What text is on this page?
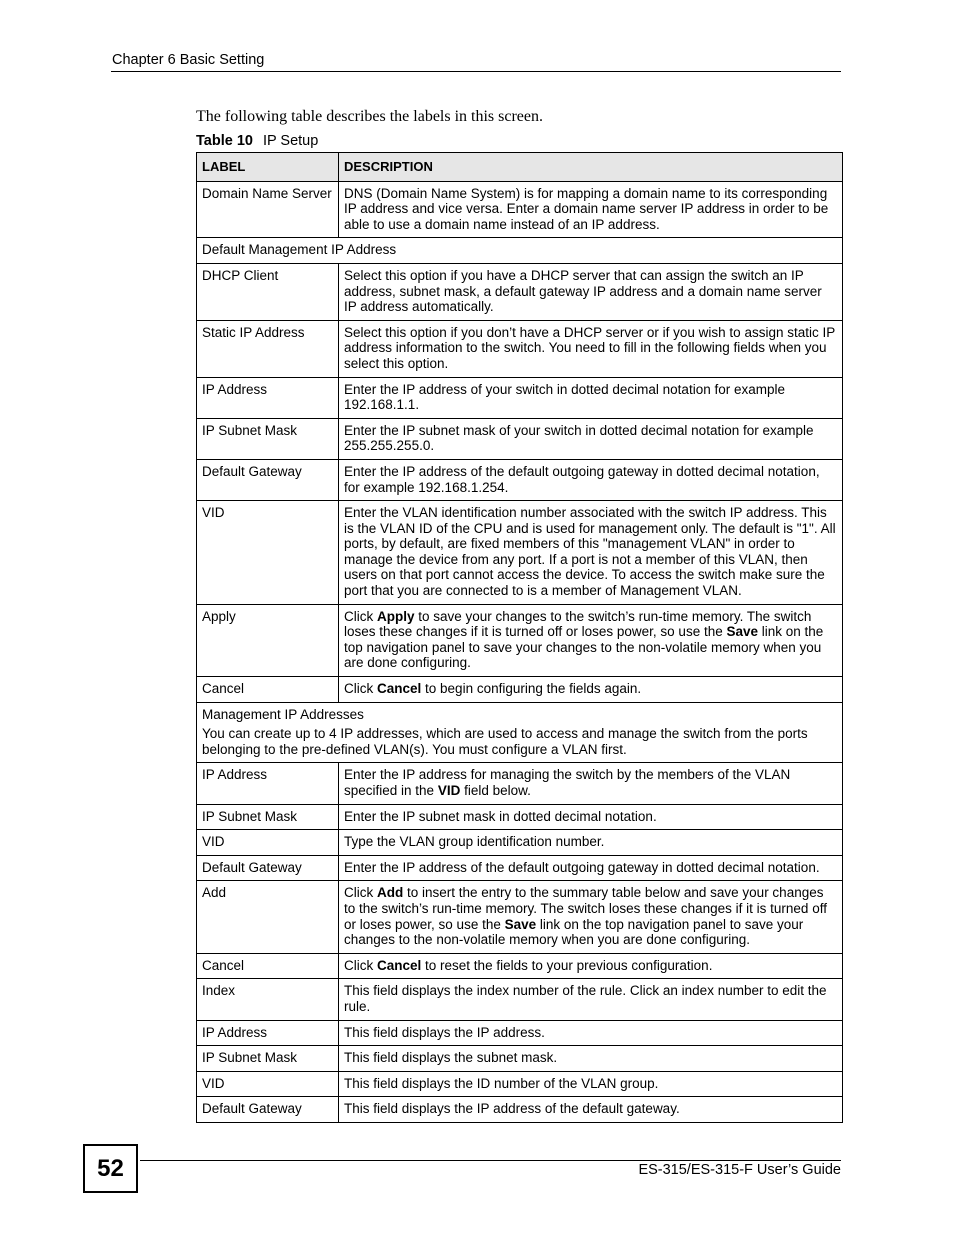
Chapter 6 Basic Setting
The following table describes the labels in this screen.
Table 10 IP Setup
LABEL	DESCRIPTION
Domain Name Server	DNS (Domain Name System) is for mapping a domain name to its corresponding IP address and vice versa. Enter a domain name server IP address in order to be able to use a domain name instead of an IP address.

Default Management IP Address	

DHCP Client	Select this option if you have a DHCP server that can assign the switch an IP address, subnet mask, a default gateway IP address and a domain name server IP address automatically.
Static IP Address	Select this option if you don’t have a DHCP server or if you wish to assign static IP address information to the switch. You need to fill in the following fields when you select this option.
IP Address	Enter the IP address of your switch in dotted decimal notation for example 192.168.1.1.
IP Subnet Mask	Enter the IP subnet mask of your switch in dotted decimal notation for example 255.255.255.0.
Default Gateway	Enter the IP address of the default outgoing gateway in dotted decimal notation, for example 192.168.1.254.
VID	Enter the VLAN identification number associated with the switch IP address. This is the VLAN ID of the CPU and is used for management only. The default is "1". All ports, by default, are fixed members of this "management VLAN" in order to manage the device from any port. If a port is not a member of this VLAN, then users on that port cannot access the device. To access the switch make sure the port that you are connected to is a member of Management VLAN.
Apply	Click Apply to save your changes to the switch’s run-time memory. The switch loses these changes if it is turned off or loses power, so use the Save link on the top navigation panel to save your changes to the non-volatile memory when you are done configuring.
Cancel	Click Cancel to begin configuring the fields again.

Management IP Addresses
You can create up to 4 IP addresses, which are used to access and manage the switch from the ports belonging to the pre-defined VLAN(s). You must configure a VLAN first.	

IP Address	Enter the IP address for managing the switch by the members of the VLAN specified in the VID field below.
IP Subnet Mask	Enter the IP subnet mask in dotted decimal notation.
VID	Type the VLAN group identification number.
Default Gateway	Enter the IP address of the default outgoing gateway in dotted decimal notation.
Add	Click Add to insert the entry to the summary table below and save your changes to the switch’s run-time memory. The switch loses these changes if it is turned off or loses power, so use the Save link on the top navigation panel to save your changes to the non-volatile memory when you are done configuring.
Cancel	Click Cancel to reset the fields to your previous configuration.
Index	This field displays the index number of the rule. Click an index number to edit the rule.
IP Address	This field displays the IP address.
IP Subnet Mask	This field displays the subnet mask.
VID	This field displays the ID number of the VLAN group.
Default Gateway	This field displays the IP address of the default gateway.
52	ES-315/ES-315-F User’s Guide
